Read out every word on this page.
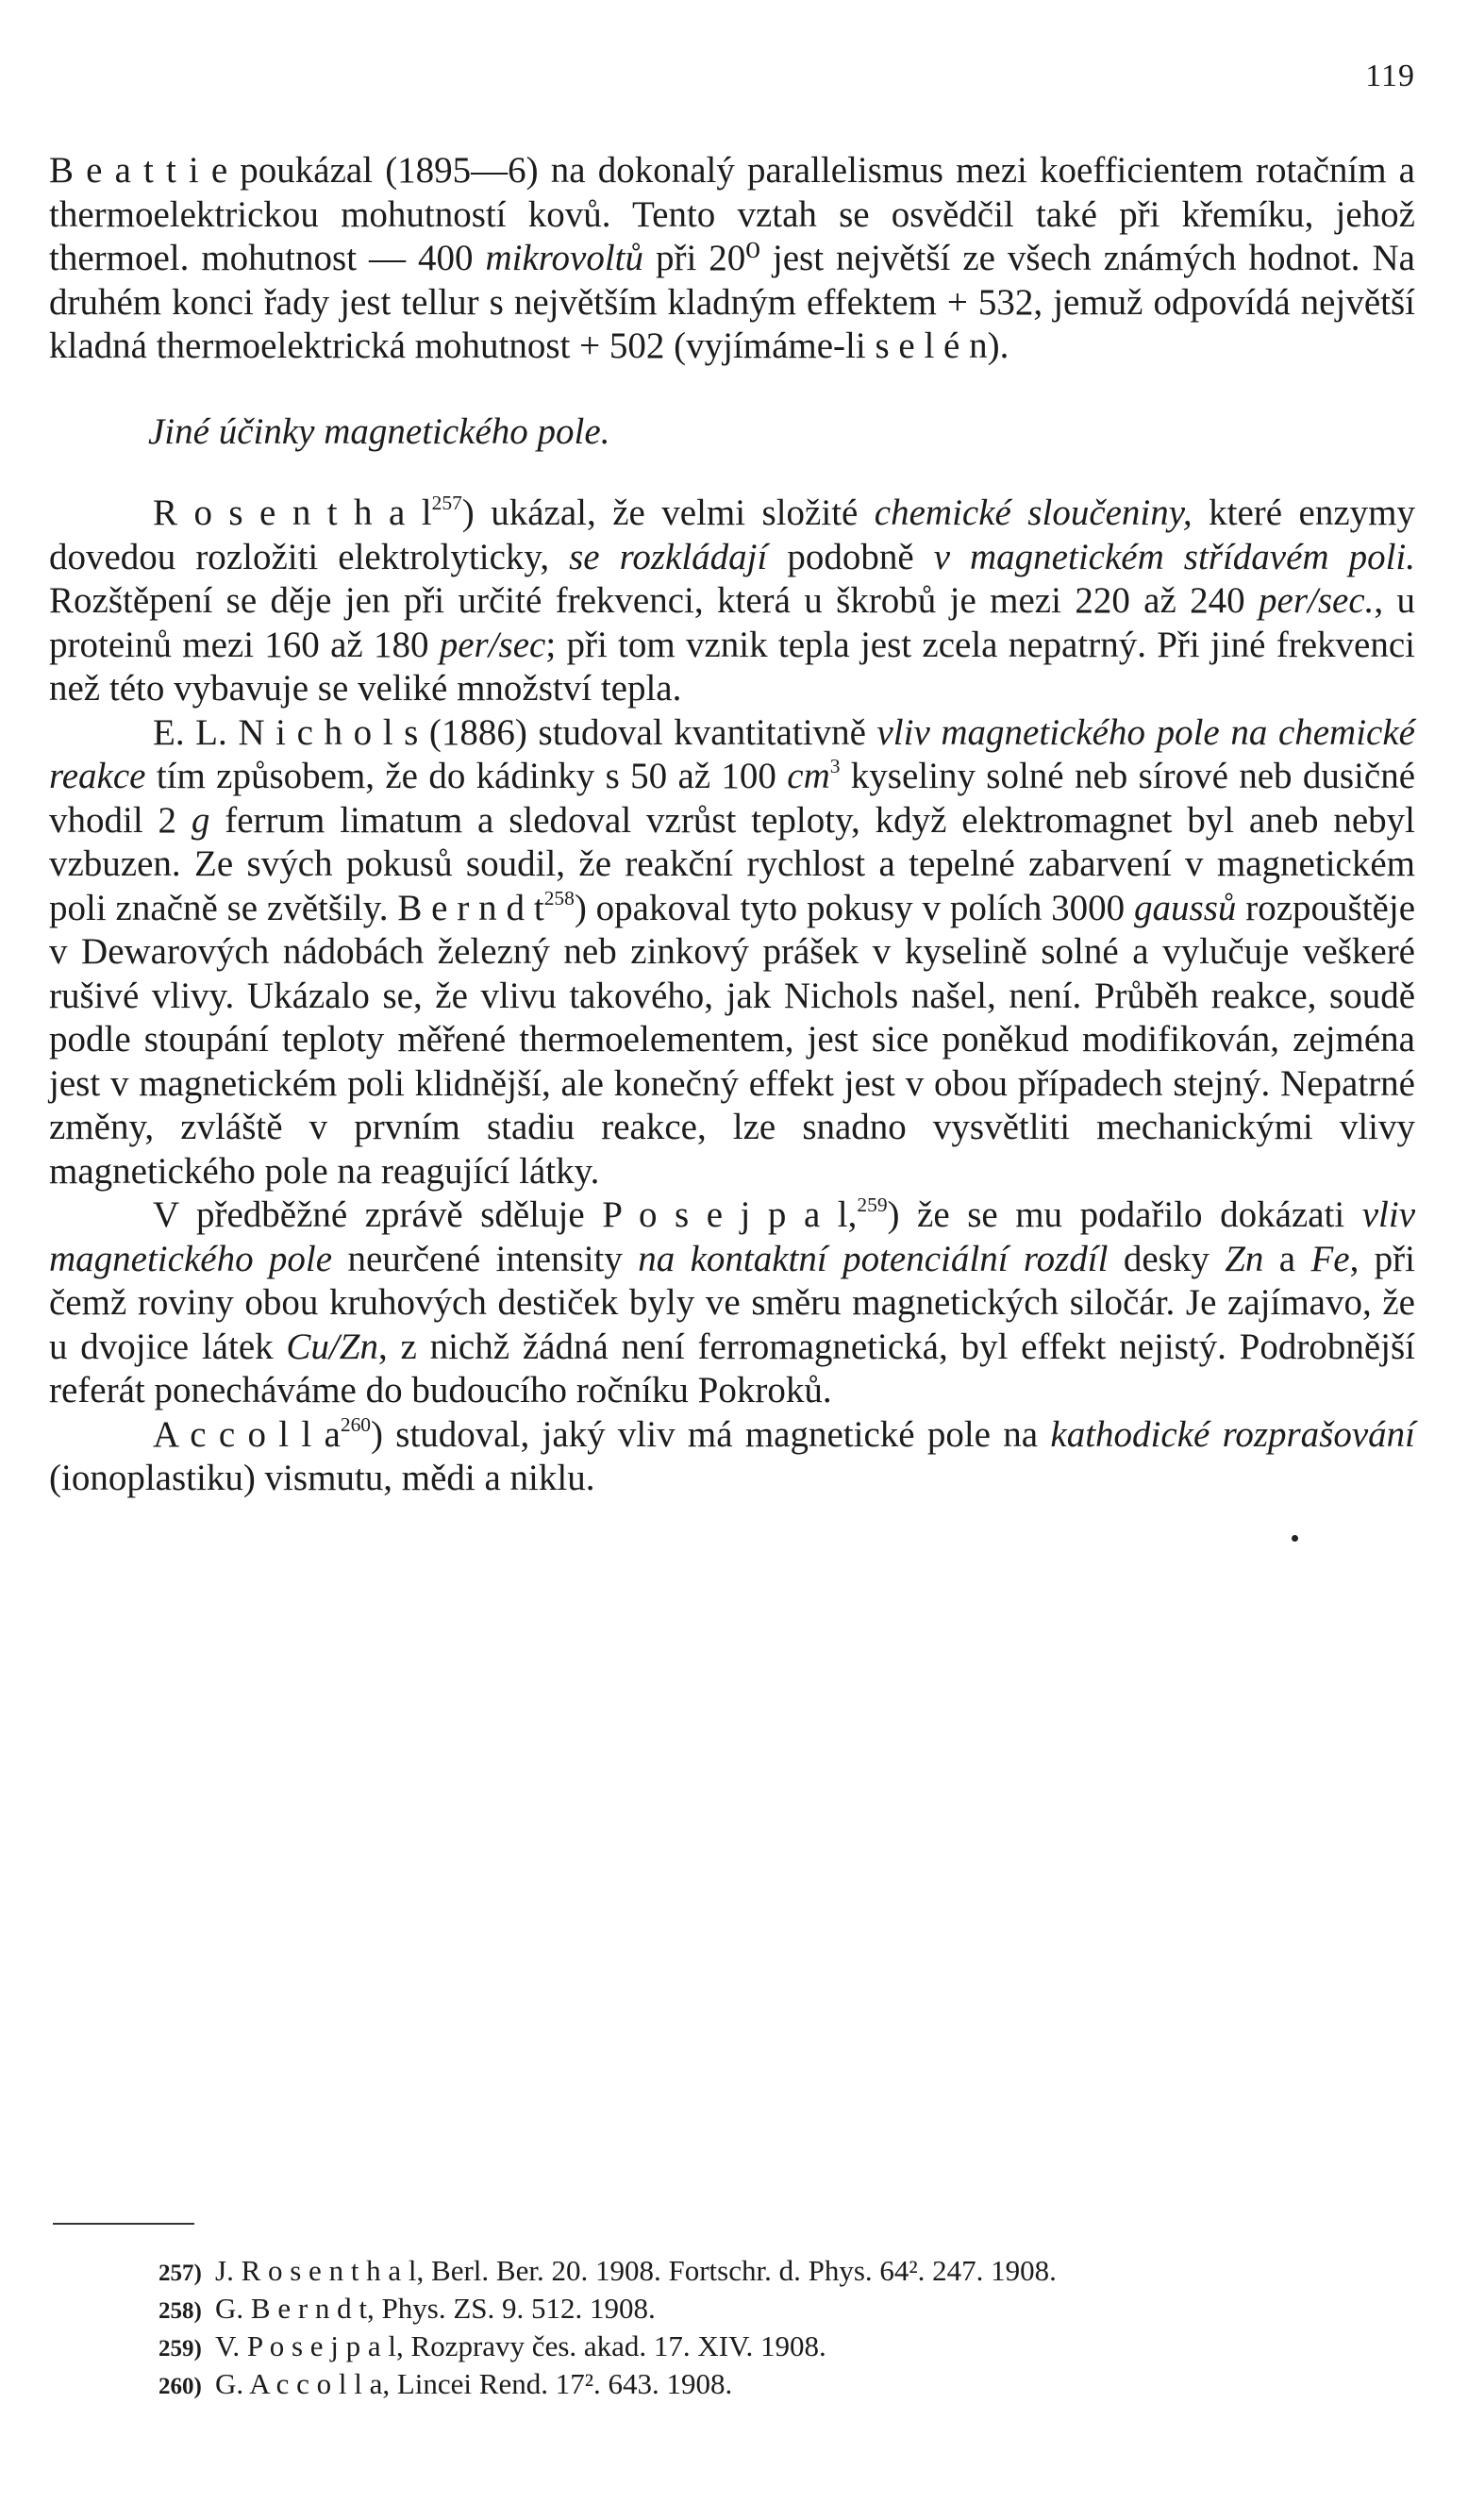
119

B e a t t i e poukázal (1895—6) na dokonalý parallelismus mezi koefficientem rotačním a thermoelektrickou mohutností kovů. Tento vztah se osvědčil také při křemíku, jehož thermoel. mohutnost — 400 mikrovoltů při 20⁰ jest největší ze všech známých hodnot. Na druhém konci řady jest tellur s největším kladným effektem + 532, jemuž odpovídá největší kladná thermoelektrická mohutnost + 502 (vyjímáme-li s e l é n).

Jiné účinky magnetického pole.

R o s e n t h a $l^{257}$) ukázal, že velmi složité chemické sloučeniny, které enzymy dovedou rozložiti elektrolyticky, se rozkládají podobně v magnetickém střídavém poli. Rozštěpení se děje jen při určité frekvenci, která u škrobů je mezi 220 až 240 per/sec., u proteinů mezi 160 až 180 per/sec; při tom vznik tepla jest zcela nepatrný. Při jiné frekvenci než této vybavuje se veliké množství tepla.

E. L. N i c h o l s (1886) studoval kvantitativně vliv magnetického pole na chemické reakce tím způsobem, že do kádinky s 50 až 100 $cm^3$ kyseliny solné neb sírové neb dusičné vhodil 2 g ferrum limatum a sledoval vzrůst teploty, když elektromagnet byl aneb nebyl vzbuzen. Ze svých pokusů soudil, že reakční rychlost a tepelné zabarvení v magnetickém poli značně se zvětšily. B e r n d $t^{258}$) opakoval tyto pokusy v polích 3000 gaussů rozpouštěje v Dewarových nádobách železný neb zinkový prášek v kyselině solné a vylučuje veškeré rušivé vlivy. Ukázalo se, že vlivu takového, jak Nichols našel, není. Průběh reakce, soudě podle stoupání teploty měřené thermoelementem, jest sice poněkud modifikován, zejména jest v magnetickém poli klidnější, ale konečný effekt jest v obou případech stejný. Nepatrné změny, zvláště v prvním stadiu reakce, lze snadno vysvětliti mechanickými vlivy magnetického pole na reagující látky.

V předběžné zprávě sděluje P o s e j p a l,$^{259}$) že se mu podařilo dokázati vliv magnetického pole neurčené intensity na kontaktní potenciální rozdíl desky Zn a Fe, při čemž roviny obou kruhových destiček byly ve směru magnetických siločár. Je zajímavo, že u dvojice látek Cu/Zn, z nichž žádná není ferromagnetická, byl effekt nejistý. Podrobnější referát ponecháváme do budoucího ročníku Pokroků.

A c c o l l $a^{260}$) studoval, jaký vliv má magnetické pole na kathodické rozprašování (ionoplastiku) vismutu, mědi a niklu.

257) J. R o s e n t h a l, Berl. Ber. 20. 1908. Fortschr. d. Phys. 64². 247. 1908.
258) G. B e r n d t, Phys. ZS. 9. 512. 1908.
259) V. P o s e j p a l, Rozpravy čes. akad. 17. XIV. 1908.
260) G. A c c o l l a, Lincei Rend. 17². 643. 1908.
